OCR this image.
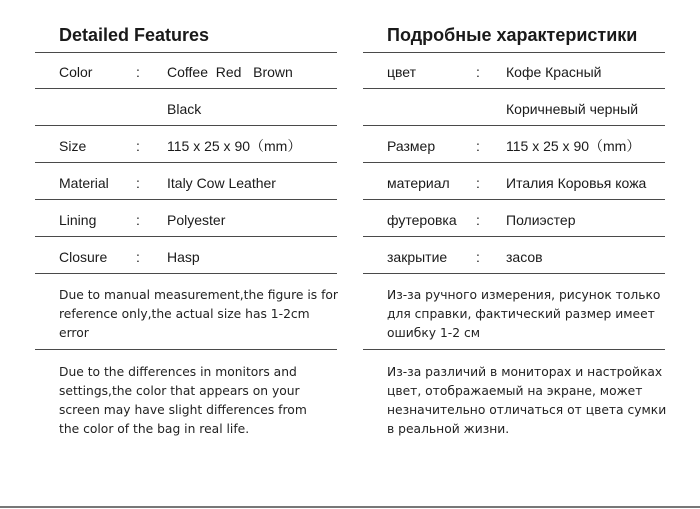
Detailed Features
Color	: Coffee  Red   Brown
Black
Size	: 115 x 25 x 90（mm）
Material : Italy Cow Leather
Lining	: Polyester
Closure : Hasp

Due to manual measurement,the figure is for reference only,the actual size has 1-2cm error

Due to the differences in monitors and settings,the color that appears on your screen may have slight differences from the color of the bag in real life.

Подробные характеристики
цвет	: Кофе Красный
Коричневый черный
Размер	: 115 x 25 x 90（mm）
материал : Италия Коровья кожа
футеровка : Полиэстер
закрытие : засов

Из-за ручного измерения, рисунок только для справки, фактический размер имеет ошибку 1-2 см

Из-за различий в мониторах и настройках цвет, отображаемый на экране, может незначительно отличаться от цвета сумки в реальной жизни.
